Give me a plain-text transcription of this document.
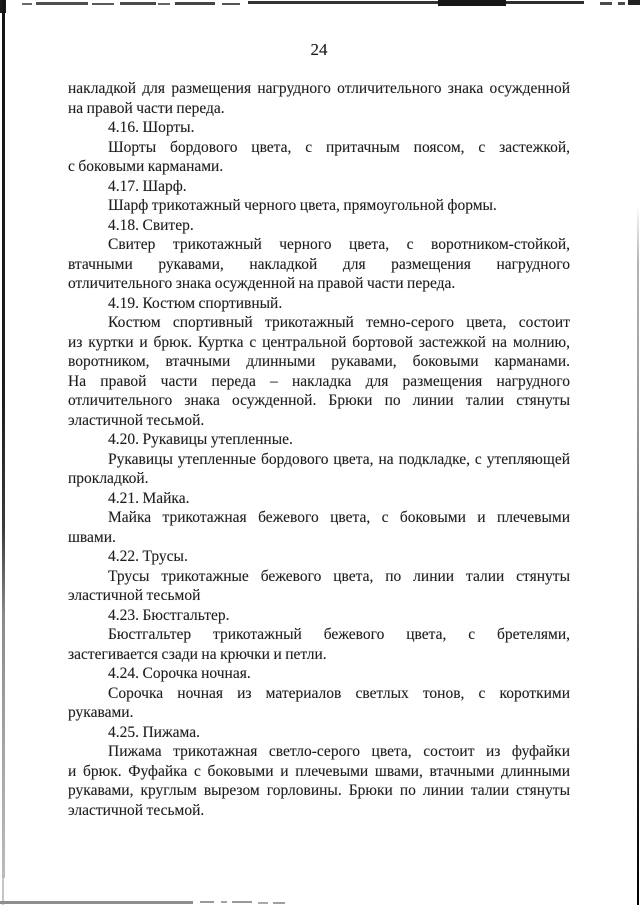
24
накладкой для размещения нагрудного отличительного знака осужденной
на правой части переда.
4.16. Шорты.
Шорты бордового цвета, с притачным поясом, с застежкой,
с боковыми карманами.
4.17. Шарф.
Шарф трикотажный черного цвета, прямоугольной формы.
4.18. Свитер.
Свитер трикотажный черного цвета, с воротником-стойкой,
втачными рукавами, накладкой для размещения нагрудного
отличительного знака осужденной на правой части переда.
4.19. Костюм спортивный.
Костюм спортивный трикотажный темно-серого цвета, состоит
из куртки и брюк. Куртка с центральной бортовой застежкой на молнию,
воротником, втачными длинными рукавами, боковыми карманами.
На правой части переда – накладка для размещения нагрудного
отличительного знака осужденной. Брюки по линии талии стянуты
эластичной тесьмой.
4.20. Рукавицы утепленные.
Рукавицы утепленные бордового цвета, на подкладке, с утепляющей
прокладкой.
4.21. Майка.
Майка трикотажная бежевого цвета, с боковыми и плечевыми
швами.
4.22. Трусы.
Трусы трикотажные бежевого цвета, по линии талии стянуты
эластичной тесьмой
4.23. Бюстгальтер.
Бюстгальтер трикотажный бежевого цвета, с бретелями,
застегивается сзади на крючки и петли.
4.24. Сорочка ночная.
Сорочка ночная из материалов светлых тонов, с короткими
рукавами.
4.25. Пижама.
Пижама трикотажная светло-серого цвета, состоит из фуфайки
и брюк. Фуфайка с боковыми и плечевыми швами, втачными длинными
рукавами, круглым вырезом горловины. Брюки по линии талии стянуты
эластичной тесьмой.
